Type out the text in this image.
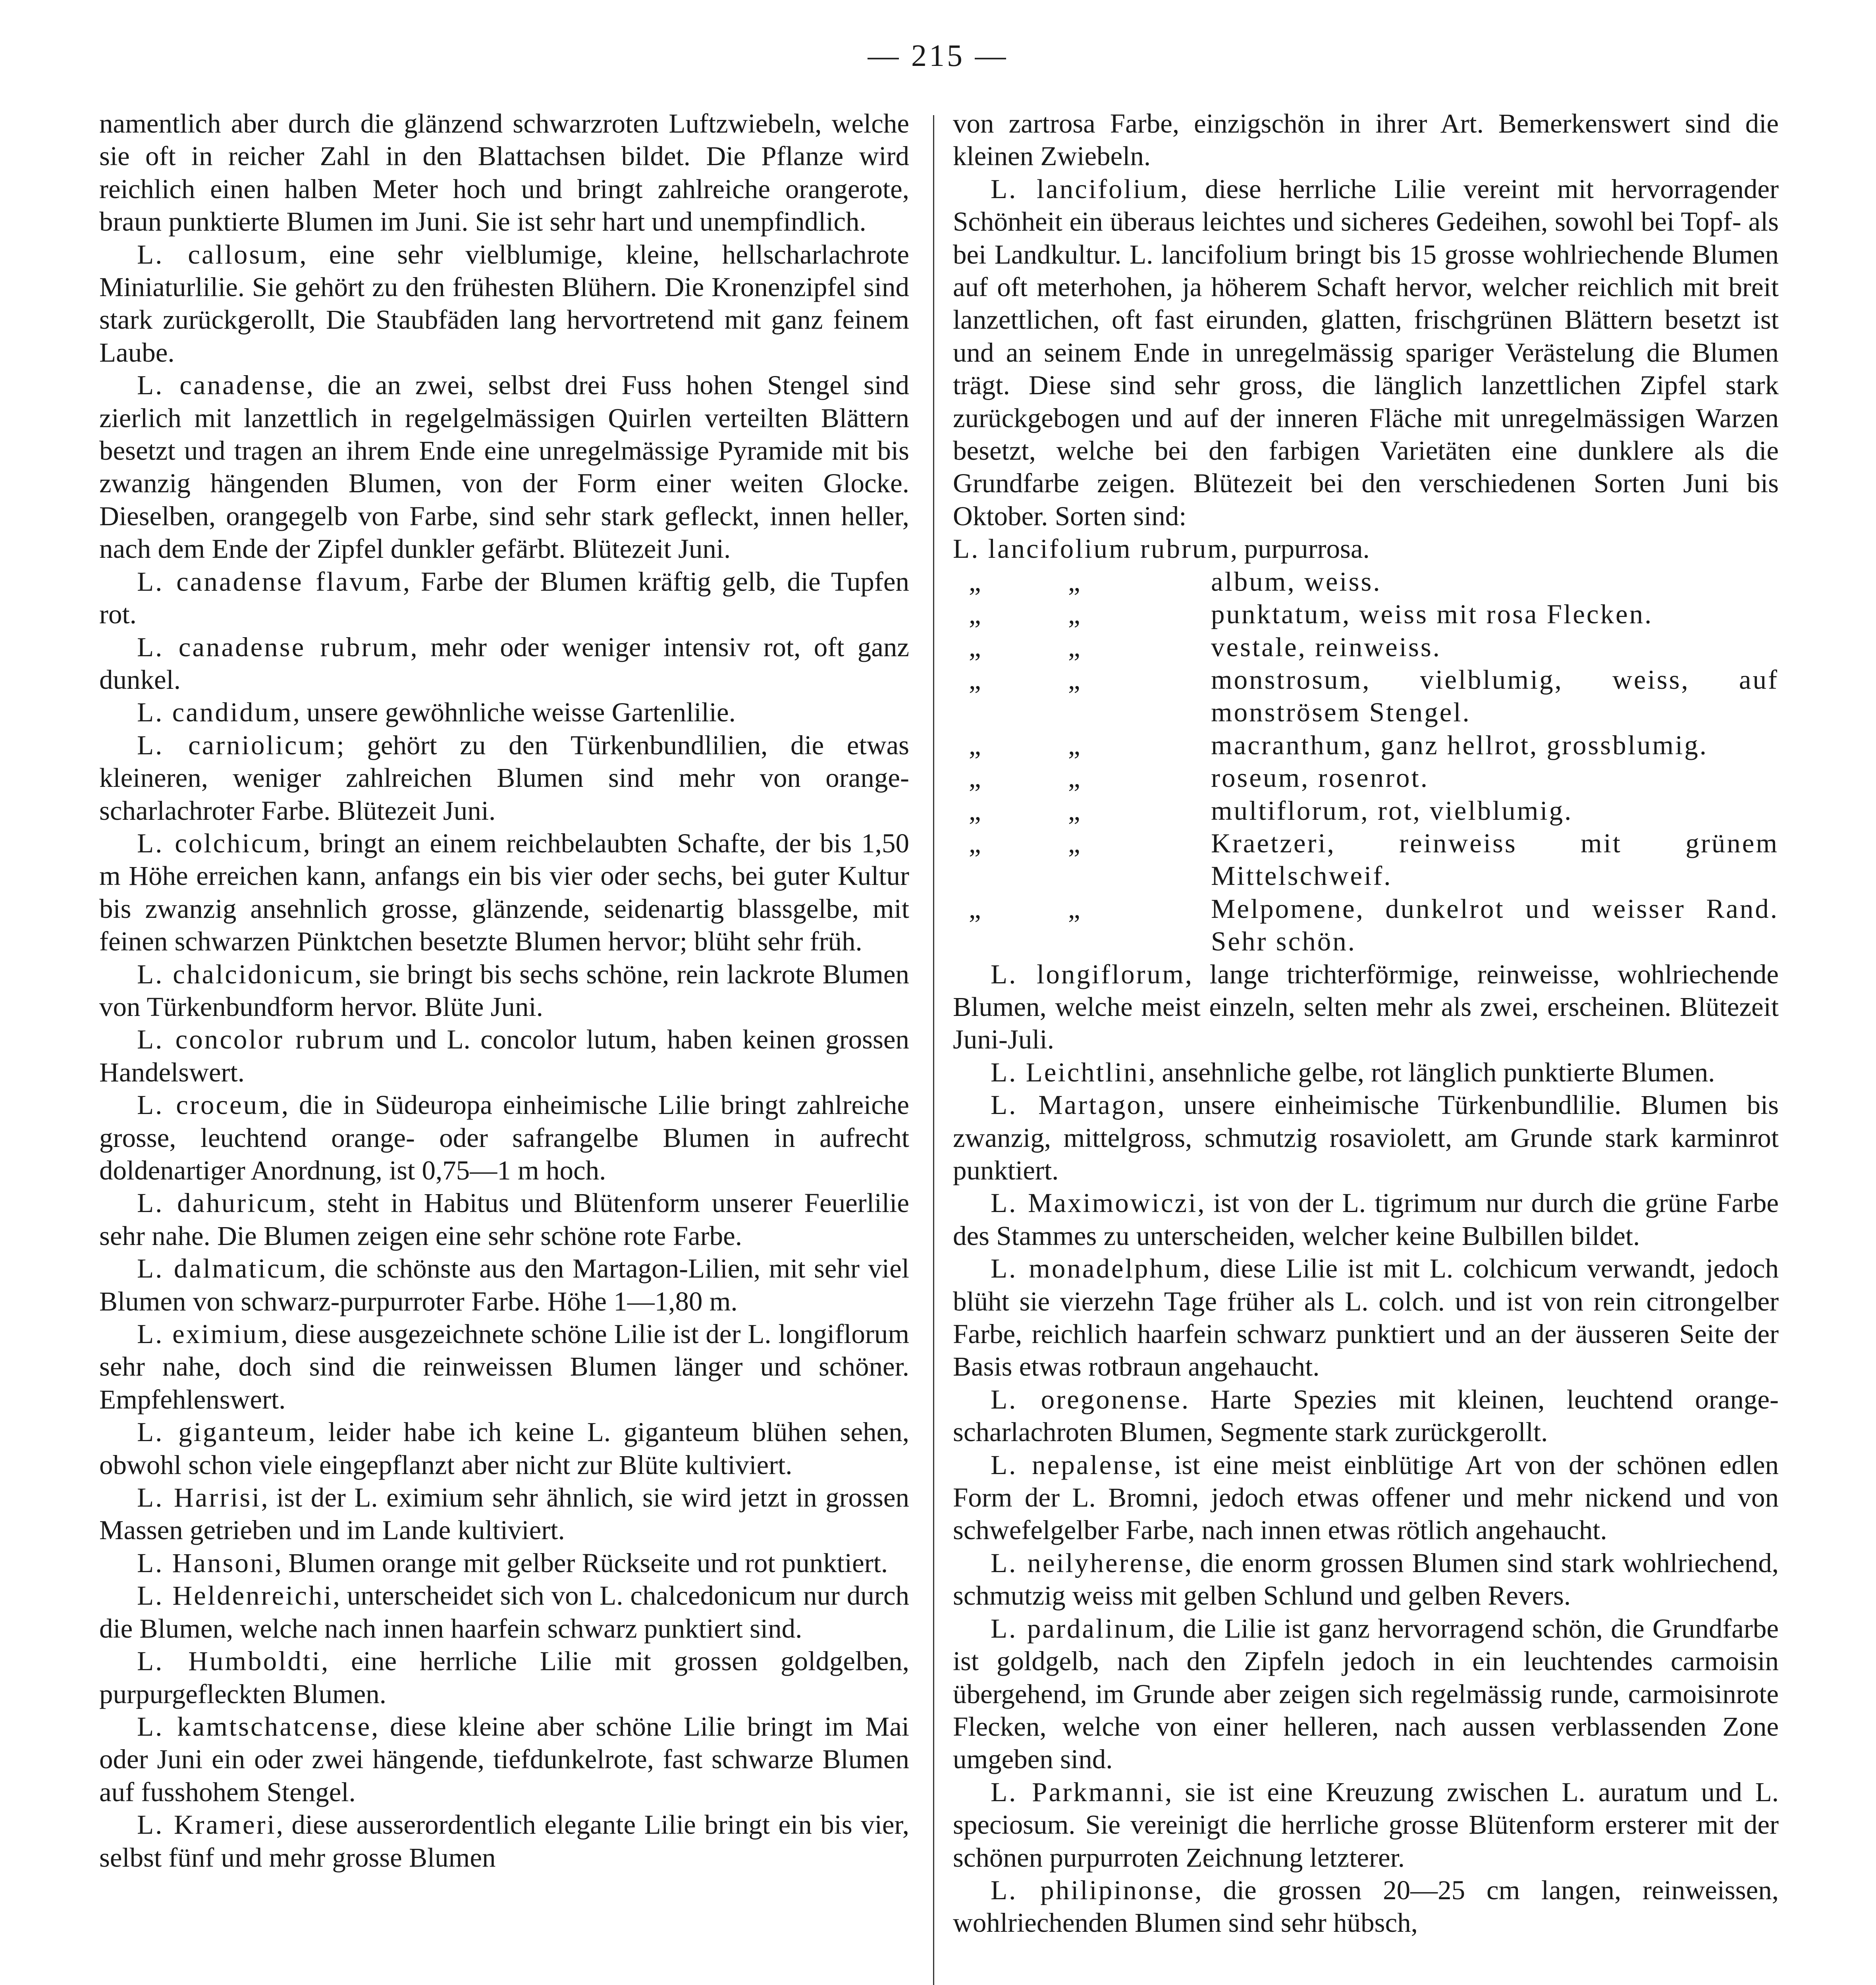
— 215 —

namentlich aber durch die glänzend schwarzroten Luftzwiebeln, welche sie oft in reicher Zahl in den Blattachsen bildet. Die Pflanze wird reichlich einen halben Meter hoch und bringt zahlreiche orangerote, braun punktierte Blumen im Juni. Sie ist sehr hart und unempfindlich.

L. callosum, eine sehr vielblumige, kleine, hellscharlachrote Miniaturlilie. Sie gehört zu den frühesten Blühern. Die Kronenzipfel sind stark zurückgerollt, Die Staubfäden lang hervortretend mit ganz feinem Laube.

L. canadense, die an zwei, selbst drei Fuss hohen Stengel sind zierlich mit lanzettlich in regelgelmässigen Quirlen verteilten Blättern besetzt und tragen an ihrem Ende eine unregelmässige Pyramide mit bis zwanzig hängenden Blumen, von der Form einer weiten Glocke. Dieselben, orangegelb von Farbe, sind sehr stark gefleckt, innen heller, nach dem Ende der Zipfel dunkler gefärbt. Blütezeit Juni.

L. canadense flavum, Farbe der Blumen kräftig gelb, die Tupfen rot.

L. canadense rubrum, mehr oder weniger intensiv rot, oft ganz dunkel.

L. candidum, unsere gewöhnliche weisse Gartenlilie.

L. carniolicum; gehört zu den Türkenbundlilien, die etwas kleineren, weniger zahlreichen Blumen sind mehr von orange-scharlachroter Farbe. Blütezeit Juni.

L. colchicum, bringt an einem reichbelaubten Schafte, der bis 1,50 m Höhe erreichen kann, anfangs ein bis vier oder sechs, bei guter Kultur bis zwanzig ansehnlich grosse, glänzende, seidenartig blassgelbe, mit feinen schwarzen Pünktchen besetzte Blumen hervor; blüht sehr früh.

L. chalcidonicum, sie bringt bis sechs schöne, rein lackrote Blumen von Türkenbundform hervor. Blüte Juni.

L. concolor rubrum und L. concolor lutum, haben keinen grossen Handelswert.

L. croceum, die in Südeuropa einheimische Lilie bringt zahlreiche grosse, leuchtend orange- oder safrangelbe Blumen in aufrecht doldenartiger Anordnung, ist 0,75—1 m hoch.

L. dahuricum, steht in Habitus und Blütenform unserer Feuerlilie sehr nahe. Die Blumen zeigen eine sehr schöne rote Farbe.

L. dalmaticum, die schönste aus den Martagon-Lilien, mit sehr viel Blumen von schwarz-purpurroter Farbe. Höhe 1—1,80 m.

L. eximium, diese ausgezeichnete schöne Lilie ist der L. longiflorum sehr nahe, doch sind die reinweissen Blumen länger und schöner. Empfehlenswert.

L. giganteum, leider habe ich keine L. giganteum blühen sehen, obwohl schon viele eingepflanzt aber nicht zur Blüte kultiviert.

L. Harrisi, ist der L. eximium sehr ähnlich, sie wird jetzt in grossen Massen getrieben und im Lande kultiviert.

L. Hansoni, Blumen orange mit gelber Rückseite und rot punktiert.

L. Heldenreichi, unterscheidet sich von L. chalcedonicum nur durch die Blumen, welche nach innen haarfein schwarz punktiert sind.

L. Humboldti, eine herrliche Lilie mit grossen goldgelben, purpurgefleckten Blumen.

L. kamtschatcense, diese kleine aber schöne Lilie bringt im Mai oder Juni ein oder zwei hängende, tiefdunkelrote, fast schwarze Blumen auf fusshohem Stengel.

L. Krameri, diese ausserordentlich elegante Lilie bringt ein bis vier, selbst fünf und mehr grosse Blumen

von zartrosa Farbe, einzigschön in ihrer Art. Bemerkenswert sind die kleinen Zwiebeln.

L. lancifolium, diese herrliche Lilie vereint mit hervorragender Schönheit ein überaus leichtes und sicheres Gedeihen, sowohl bei Topf- als bei Landkultur. L. lancifolium bringt bis 15 grosse wohlriechende Blumen auf oft meterhohen, ja höherem Schaft hervor, welcher reichlich mit breit lanzettlichen, oft fast eirunden, glatten, frischgrünen Blättern besetzt ist und an seinem Ende in unregelmässig spariger Verästelung die Blumen trägt. Diese sind sehr gross, die länglich lanzettlichen Zipfel stark zurückgebogen und auf der inneren Fläche mit unregelmässigen Warzen besetzt, welche bei den farbigen Varietäten eine dunklere als die Grundfarbe zeigen. Blütezeit bei den verschiedenen Sorten Juni bis Oktober. Sorten sind:

L. lancifolium rubrum, purpurrosa.

„	„	album, weiss.
„	„	punktatum, weiss mit rosa Flecken.
„	„	vestale, reinweiss.
„	„	monstrosum, vielblumig, weiss, auf monströsem Stengel.
„	„	macranthum, ganz hellrot, grossblumig.
„	„	roseum, rosenrot.
„	„	multiflorum, rot, vielblumig.
„	„	Kraetzeri, reinweiss mit grünem Mittelschweif.
„	„	Melpomene, dunkelrot und weisser Rand. Sehr schön.

L. longiflorum, lange trichterförmige, reinweisse, wohlriechende Blumen, welche meist einzeln, selten mehr als zwei, erscheinen. Blütezeit Juni-Juli.

L. Leichtlini, ansehnliche gelbe, rot länglich punktierte Blumen.

L. Martagon, unsere einheimische Türkenbundlilie. Blumen bis zwanzig, mittelgross, schmutzig rosaviolett, am Grunde stark karminrot punktiert.

L. Maximowiczi, ist von der L. tigrimum nur durch die grüne Farbe des Stammes zu unterscheiden, welcher keine Bulbillen bildet.

L. monadelphum, diese Lilie ist mit L. colchicum verwandt, jedoch blüht sie vierzehn Tage früher als L. colch. und ist von rein citrongelber Farbe, reichlich haarfein schwarz punktiert und an der äusseren Seite der Basis etwas rotbraun angehaucht.

L. oregonense. Harte Spezies mit kleinen, leuchtend orange-scharlachroten Blumen, Segmente stark zurückgerollt.

L. nepalense, ist eine meist einblütige Art von der schönen edlen Form der L. Bromni, jedoch etwas offener und mehr nickend und von schwefelgelber Farbe, nach innen etwas rötlich angehaucht.

L. neilyherense, die enorm grossen Blumen sind stark wohlriechend, schmutzig weiss mit gelben Schlund und gelben Revers.

L. pardalinum, die Lilie ist ganz hervorragend schön, die Grundfarbe ist goldgelb, nach den Zipfeln jedoch in ein leuchtendes carmoisin übergehend, im Grunde aber zeigen sich regelmässig runde, carmoisinrote Flecken, welche von einer helleren, nach aussen verblassenden Zone umgeben sind.

L. Parkmanni, sie ist eine Kreuzung zwischen L. auratum und L. speciosum. Sie vereinigt die herrliche grosse Blütenform ersterer mit der schönen purpurroten Zeichnung letzterer.

L. philipinonse, die grossen 20—25 cm langen, reinweissen, wohlriechenden Blumen sind sehr hübsch,
